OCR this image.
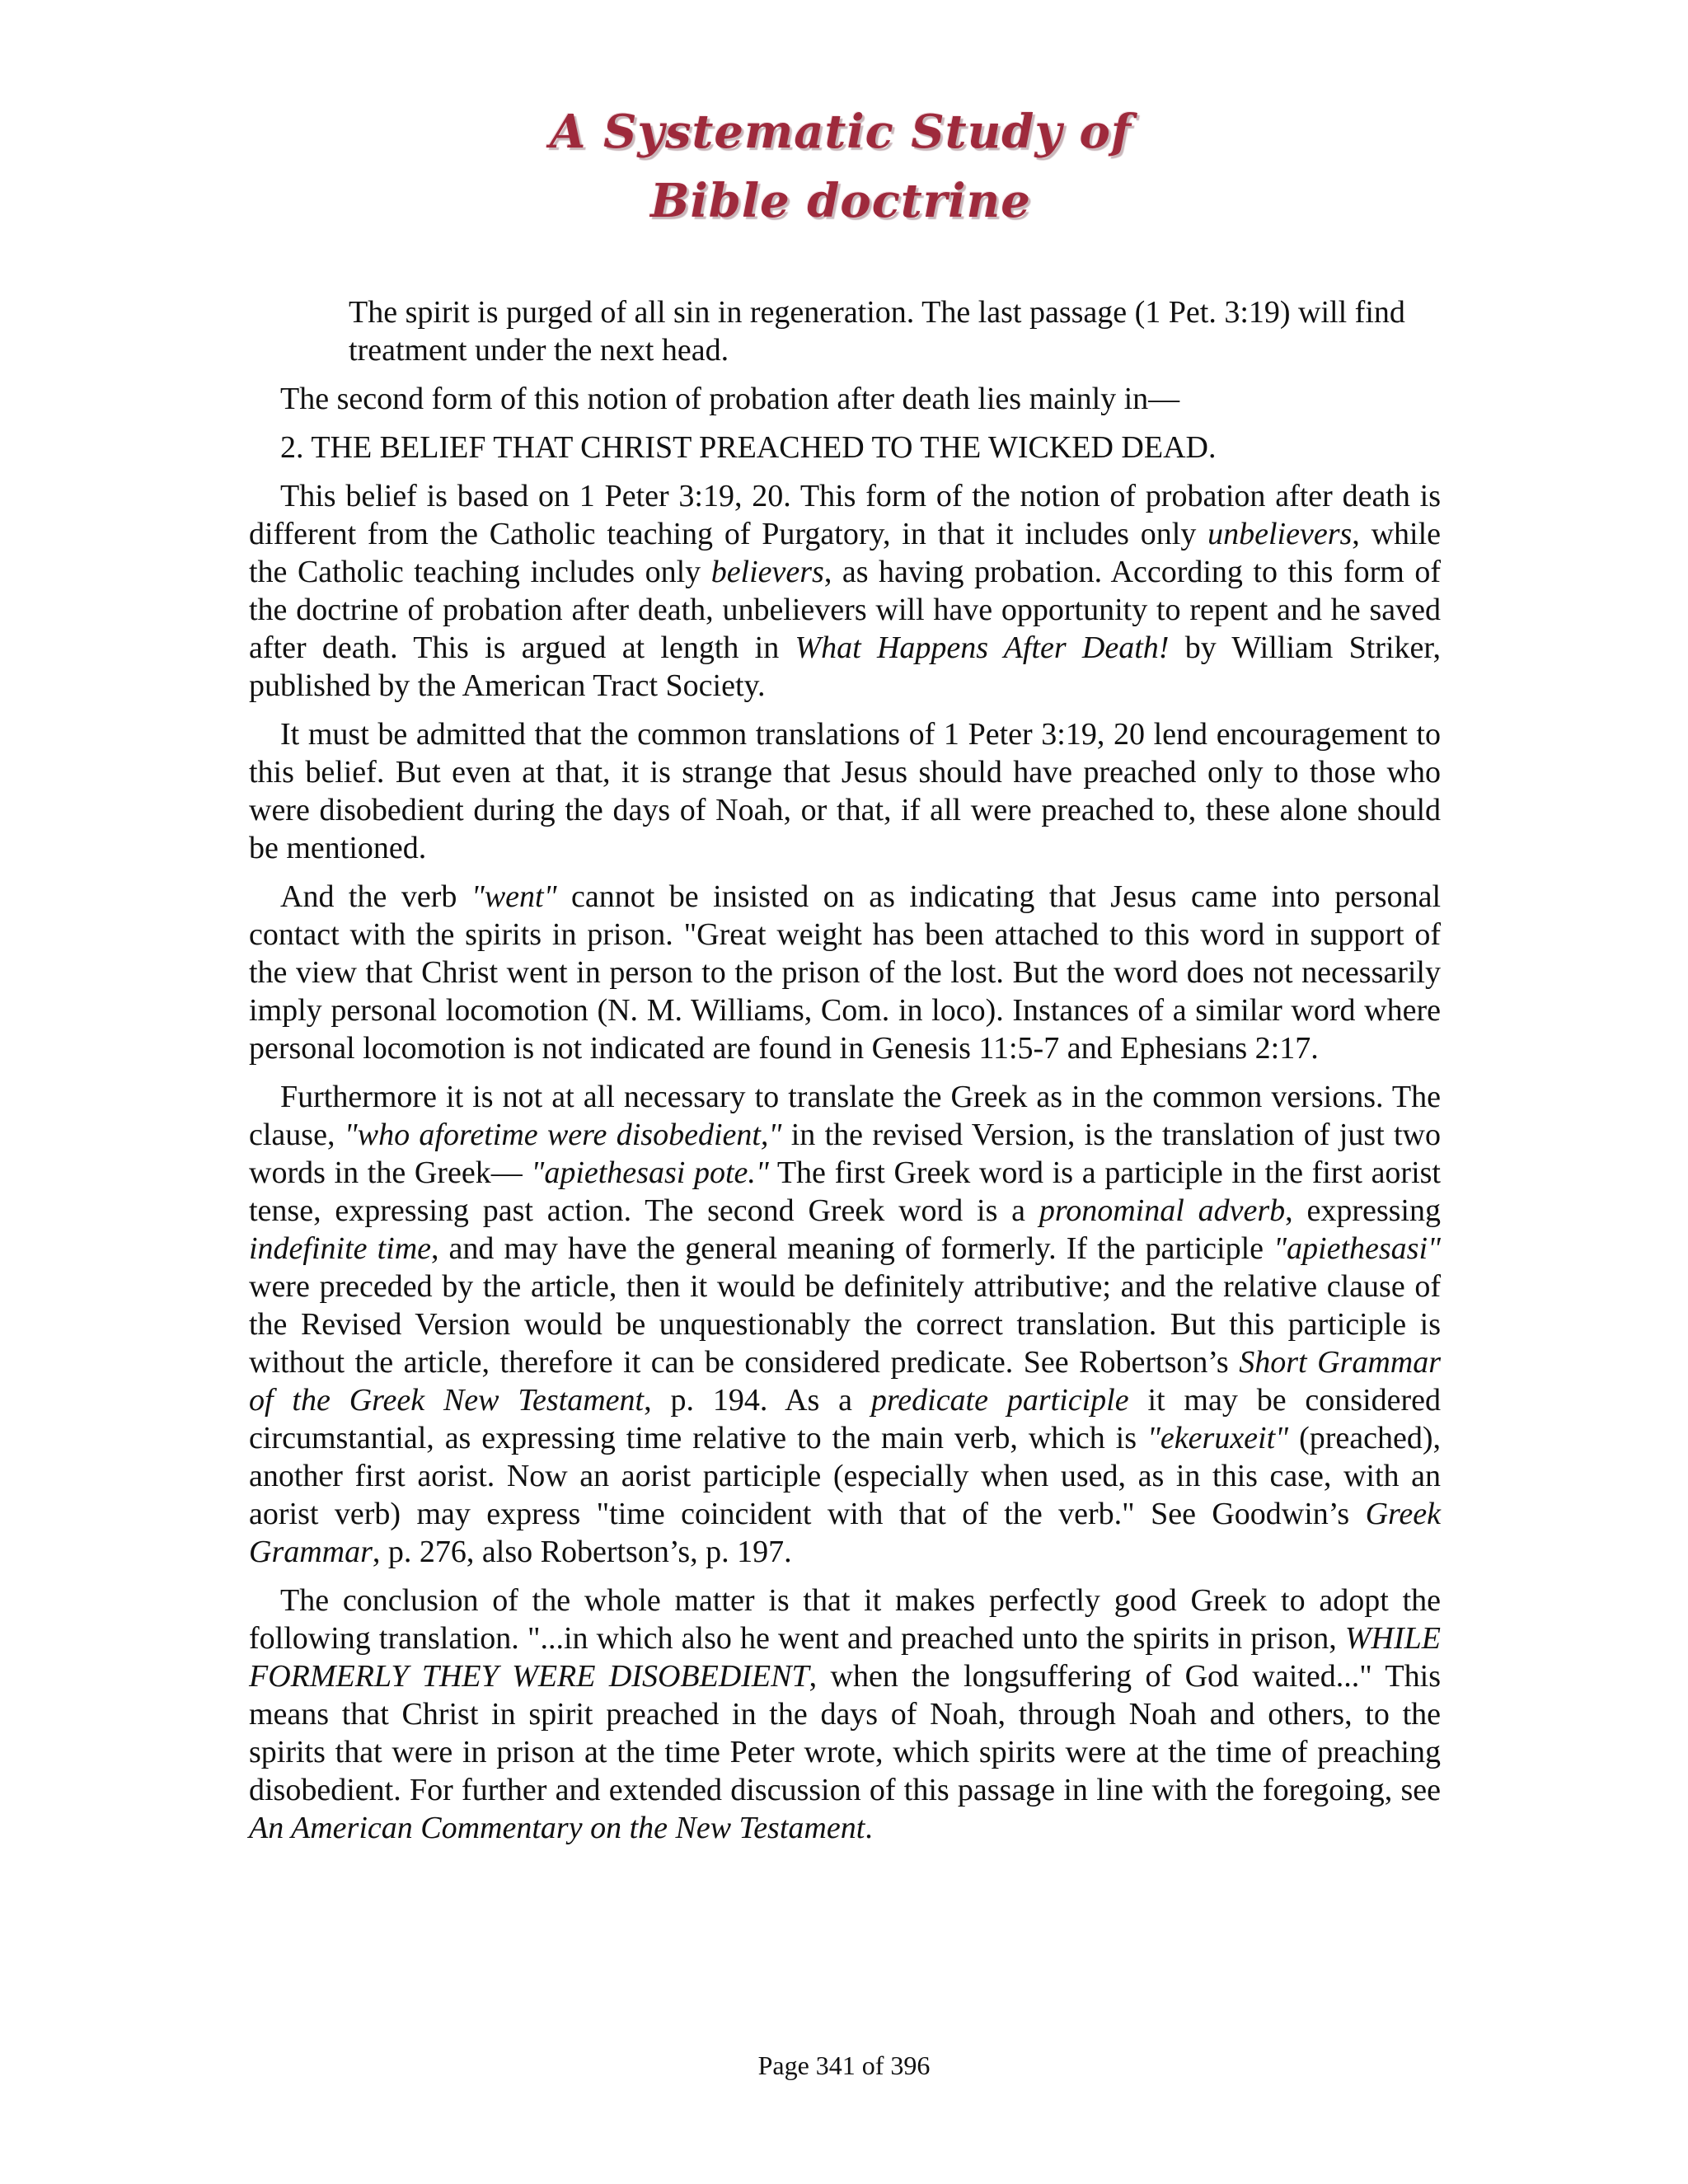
A Systematic Study of
Bible doctrine

The spirit is purged of all sin in regeneration. The last passage (1 Pet. 3:19) will find treatment under the next head.

The second form of this notion of probation after death lies mainly in—

2. THE BELIEF THAT CHRIST PREACHED TO THE WICKED DEAD.

This belief is based on 1 Peter 3:19, 20. This form of the notion of probation after death is different from the Catholic teaching of Purgatory, in that it includes only unbelievers, while the Catholic teaching includes only believers, as having probation. According to this form of the doctrine of probation after death, unbelievers will have opportunity to repent and he saved after death. This is argued at length in What Happens After Death! by William Striker, published by the American Tract Society.

It must be admitted that the common translations of 1 Peter 3:19, 20 lend encouragement to this belief. But even at that, it is strange that Jesus should have preached only to those who were disobedient during the days of Noah, or that, if all were preached to, these alone should be mentioned.

And the verb "went" cannot be insisted on as indicating that Jesus came into personal contact with the spirits in prison. "Great weight has been attached to this word in support of the view that Christ went in person to the prison of the lost. But the word does not necessarily imply personal locomotion (N. M. Williams, Com. in loco). Instances of a similar word where personal locomotion is not indicated are found in Genesis 11:5-7 and Ephesians 2:17.

Furthermore it is not at all necessary to translate the Greek as in the common versions. The clause, "who aforetime were disobedient," in the revised Version, is the translation of just two words in the Greek— "apiethesasi pote." The first Greek word is a participle in the first aorist tense, expressing past action. The second Greek word is a pronominal adverb, expressing indefinite time, and may have the general meaning of formerly. If the participle "apiethesasi" were preceded by the article, then it would be definitely attributive; and the relative clause of the Revised Version would be unquestionably the correct translation. But this participle is without the article, therefore it can be considered predicate. See Robertson’s Short Grammar of the Greek New Testament, p. 194. As a predicate participle it may be considered circumstantial, as expressing time relative to the main verb, which is "ekeruxeit" (preached), another first aorist. Now an aorist participle (especially when used, as in this case, with an aorist verb) may express "time coincident with that of the verb." See Goodwin’s Greek Grammar, p. 276, also Robertson’s, p. 197.

The conclusion of the whole matter is that it makes perfectly good Greek to adopt the following translation. "...in which also he went and preached unto the spirits in prison, WHILE FORMERLY THEY WERE DISOBEDIENT, when the longsuffering of God waited..." This means that Christ in spirit preached in the days of Noah, through Noah and others, to the spirits that were in prison at the time Peter wrote, which spirits were at the time of preaching disobedient. For further and extended discussion of this passage in line with the foregoing, see An American Commentary on the New Testament.

Page 341 of 396
